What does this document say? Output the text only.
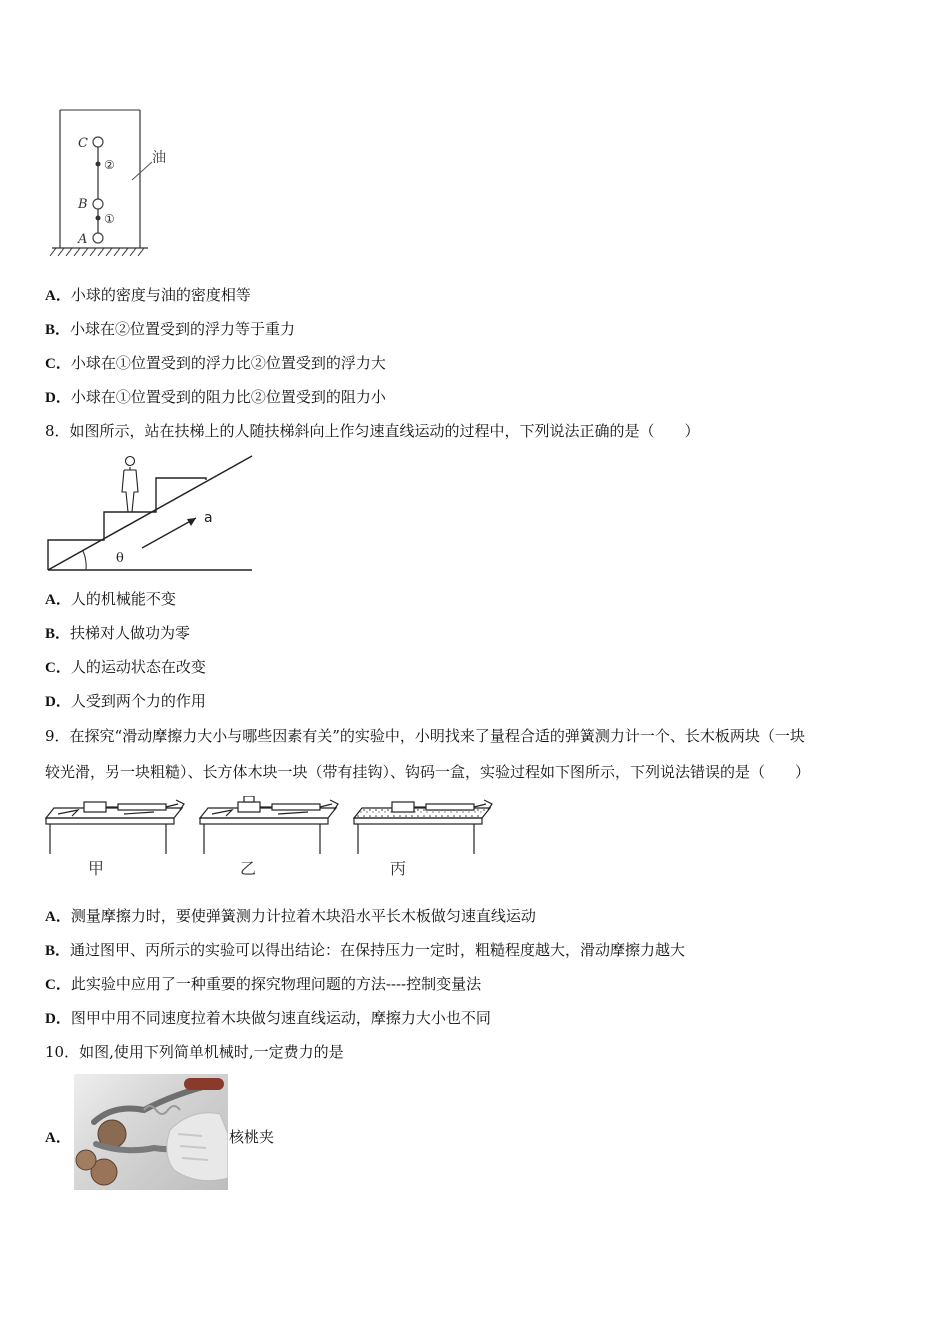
C
B
A
②
①
油
A．小球的密度与油的密度相等
B．小球在②位置受到的浮力等于重力
C．小球在①位置受到的浮力比②位置受到的浮力大
D．小球在①位置受到的阻力比②位置受到的阻力小
8．如图所示，站在扶梯上的人随扶梯斜向上作匀速直线运动的过程中，下列说法正确的是（　　）
a
θ
A．人的机械能不变
B．扶梯对人做功为零
C．人的运动状态在改变
D．人受到两个力的作用
9．在探究“滑动摩擦力大小与哪些因素有关”的实验中，小明找来了量程合适的弹簧测力计一个、长木板两块（一块
较光滑，另一块粗糙）、长方体木块一块（带有挂钩）、钩码一盒，实验过程如下图所示，下列说法错误的是（　　）
甲	乙	丙
A．测量摩擦力时，要使弹簧测力计拉着木块沿水平长木板做匀速直线运动
B．通过图甲、丙所示的实验可以得出结论：在保持压力一定时，粗糙程度越大，滑动摩擦力越大
C．此实验中应用了一种重要的探究物理问题的方法----控制变量法
D．图甲中用不同速度拉着木块做匀速直线运动，摩擦力大小也不同
10．如图,使用下列简单机械时,一定费力的是
A．	核桃夹
